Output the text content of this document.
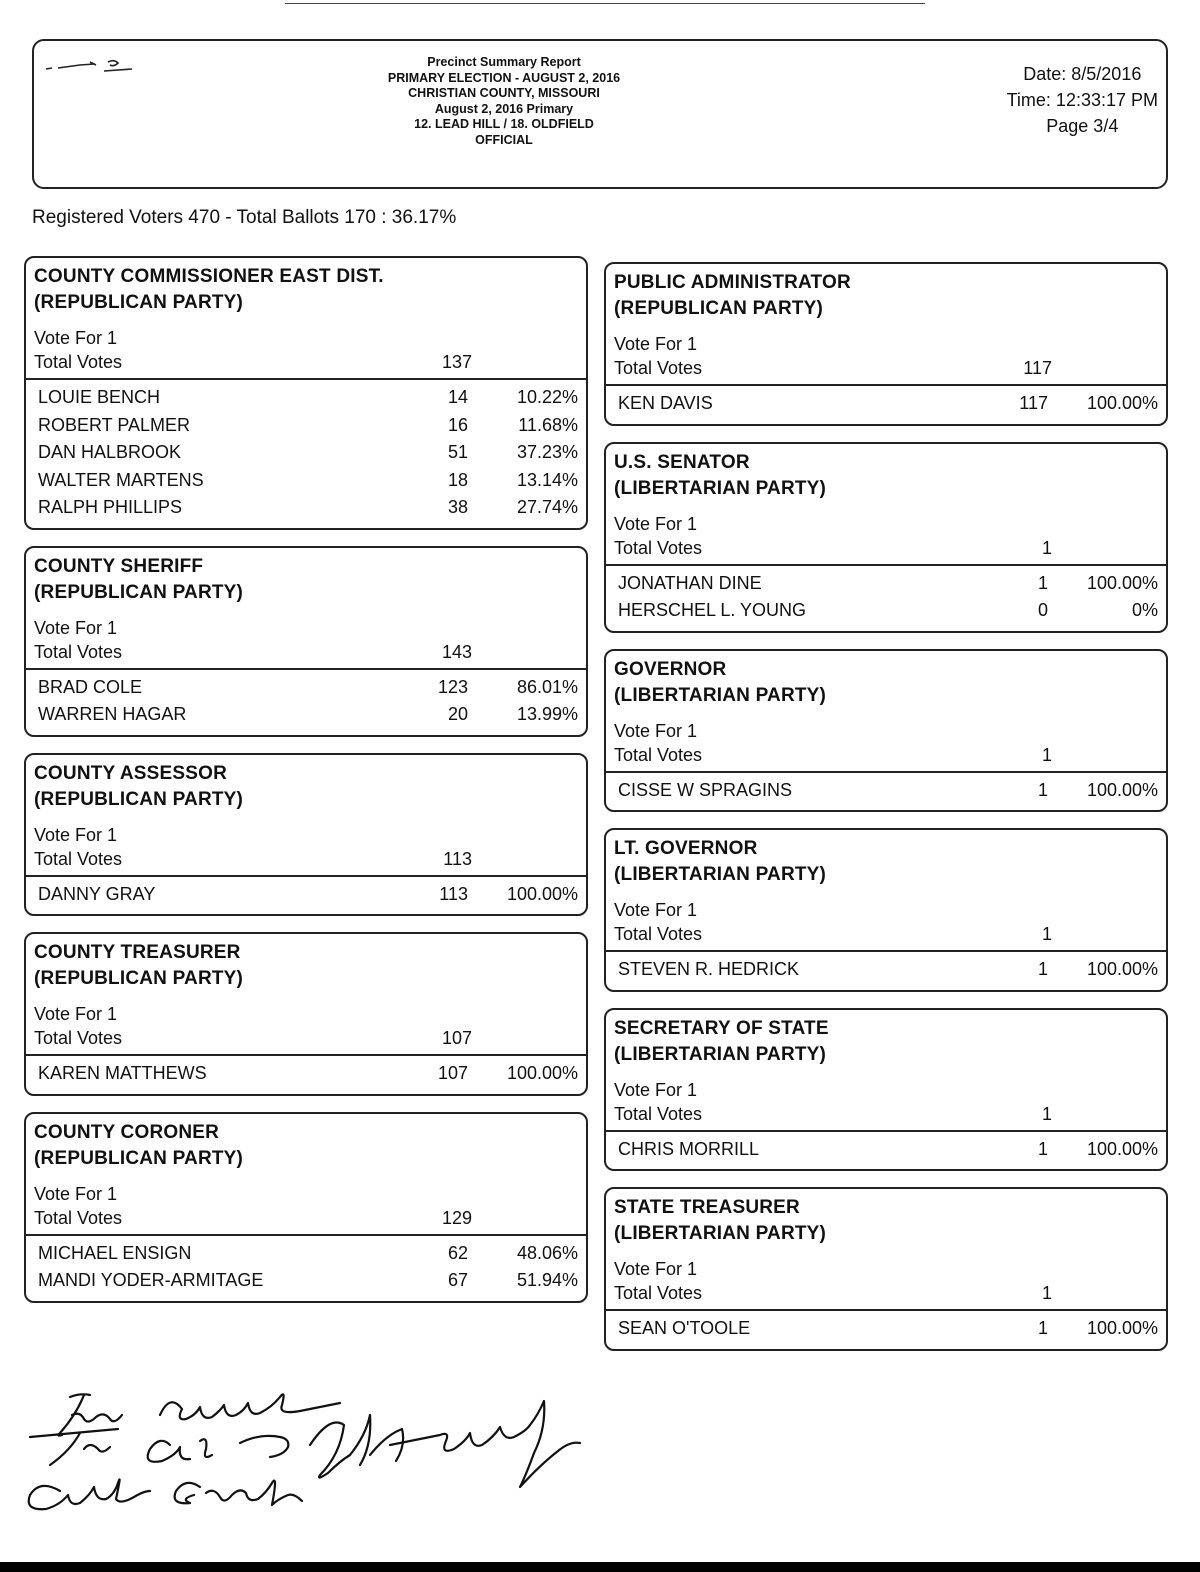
Precinct Summary Report
PRIMARY ELECTION - AUGUST 2, 2016
CHRISTIAN COUNTY, MISSOURI
August 2, 2016 Primary
12. LEAD HILL / 18. OLDFIELD
OFFICIAL
Date: 8/5/2016
Time: 12:33:17 PM
Page 3/4
Registered Voters 470 - Total Ballots 170 : 36.17%
COUNTY COMMISSIONER EAST DIST.
(REPUBLICAN PARTY)
Vote For 1
Total Votes	137
LOUIE BENCH	14	10.22%
ROBERT PALMER	16	11.68%
DAN HALBROOK	51	37.23%
WALTER MARTENS	18	13.14%
RALPH PHILLIPS	38	27.74%
COUNTY SHERIFF
(REPUBLICAN PARTY)
Vote For 1
Total Votes	143
BRAD COLE	123	86.01%
WARREN HAGAR	20	13.99%
COUNTY ASSESSOR
(REPUBLICAN PARTY)
Vote For 1
Total Votes	113
DANNY GRAY	113	100.00%
COUNTY TREASURER
(REPUBLICAN PARTY)
Vote For 1
Total Votes	107
KAREN MATTHEWS	107	100.00%
COUNTY CORONER
(REPUBLICAN PARTY)
Vote For 1
Total Votes	129
MICHAEL ENSIGN	62	48.06%
MANDI YODER-ARMITAGE	67	51.94%
PUBLIC ADMINISTRATOR
(REPUBLICAN PARTY)
Vote For 1
Total Votes	117
KEN DAVIS	117	100.00%
U.S. SENATOR
(LIBERTARIAN PARTY)
Vote For 1
Total Votes	1
JONATHAN DINE	1	100.00%
HERSCHEL L. YOUNG	0	0%
GOVERNOR
(LIBERTARIAN PARTY)
Vote For 1
Total Votes	1
CISSE W SPRAGINS	1	100.00%
LT. GOVERNOR
(LIBERTARIAN PARTY)
Vote For 1
Total Votes	1
STEVEN R. HEDRICK	1	100.00%
SECRETARY OF STATE
(LIBERTARIAN PARTY)
Vote For 1
Total Votes	1
CHRIS MORRILL	1	100.00%
STATE TREASURER
(LIBERTARIAN PARTY)
Vote For 1
Total Votes	1
SEAN O'TOOLE	1	100.00%
